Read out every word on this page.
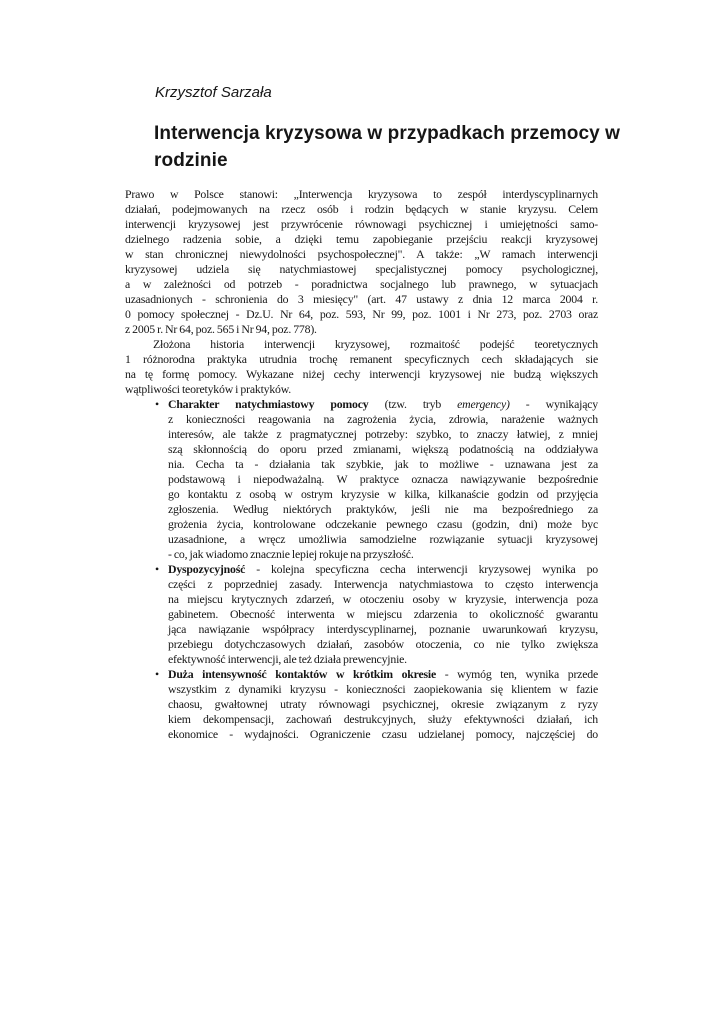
Krzysztof Sarzała
Interwencja kryzysowa w przypadkach przemocy w
rodzinie
Prawo w Polsce stanowi: „Interwencja kryzysowa to zespół interdyscyplinarnych
działań, podejmowanych na rzecz osób i rodzin będących w stanie kryzysu. Celem
interwencji kryzysowej jest przywrócenie równowagi psychicznej i umiejętności samo-
dzielnego radzenia sobie, a dzięki temu zapobieganie przejściu reakcji kryzysowej
w stan chronicznej niewydolności psychospołecznej". A także: „W ramach interwencji
kryzysowej udziela się natychmiastowej specjalistycznej pomocy psychologicznej,
a w zależności od potrzeb - poradnictwa socjalnego lub prawnego, w sytuacjach
uzasadnionych - schronienia do 3 miesięcy" (art. 47 ustawy z dnia 12 marca 2004 r.
0 pomocy społecznej - Dz.U. Nr 64, poz. 593, Nr 99, poz. 1001 i Nr 273, poz. 2703 oraz
z 2005 r. Nr 64, poz. 565 i Nr 94, poz. 778).
Złożona historia interwencji kryzysowej, rozmaitość podejść teoretycznych
1 różnorodna praktyka utrudnia trochę remanent specyficznych cech składających sie
na tę formę pomocy. Wykazane niżej cechy interwencji kryzysowej nie budzą większych
wątpliwości teoretyków i praktyków.
• Charakter natychmiastowy pomocy (tzw. tryb emergency) - wynikający
z konieczności reagowania na zagrożenia życia, zdrowia, narażenie ważnych
interesów, ale także z pragmatycznej potrzeby: szybko, to znaczy łatwiej, z mniej
szą skłonnością do oporu przed zmianami, większą podatnością na oddziaływa
nia. Cecha ta - działania tak szybkie, jak to możliwe - uznawana jest za
podstawową i niepodważalną. W praktyce oznacza nawiązywanie bezpośrednie
go kontaktu z osobą w ostrym kryzysie w kilka, kilkanaście godzin od przyjęcia
zgłoszenia. Według niektórych praktyków, jeśli nie ma bezpośredniego za
grożenia życia, kontrolowane odczekanie pewnego czasu (godzin, dni) może byc
uzasadnione, a wręcz umożliwia samodzielne rozwiązanie sytuacji kryzysowej
- co, jak wiadomo znacznie lepiej rokuje na przyszłość.
• Dyspozycyjność - kolejna specyficzna cecha interwencji kryzysowej wynika po
części z poprzedniej zasady. Interwencja natychmiastowa to często interwencja
na miejscu krytycznych zdarzeń, w otoczeniu osoby w kryzysie, interwencja poza
gabinetem. Obecność interwenta w miejscu zdarzenia to okoliczność gwarantu
jąca nawiązanie współpracy interdyscyplinarnej, poznanie uwarunkowań kryzysu,
przebiegu dotychczasowych działań, zasobów otoczenia, co nie tylko zwiększa
efektywność interwencji, ale też działa prewencyjnie.
• Duża intensywność kontaktów w krótkim okresie - wymóg ten, wynika przede
wszystkim z dynamiki kryzysu - konieczności zaopiekowania się klientem w fazie
chaosu, gwałtownej utraty równowagi psychicznej, okresie związanym z ryzy
kiem dekompensacji, zachowań destrukcyjnych, służy efektywności działań, ich
ekonomice - wydajności. Ograniczenie czasu udzielanej pomocy, najczęściej do
